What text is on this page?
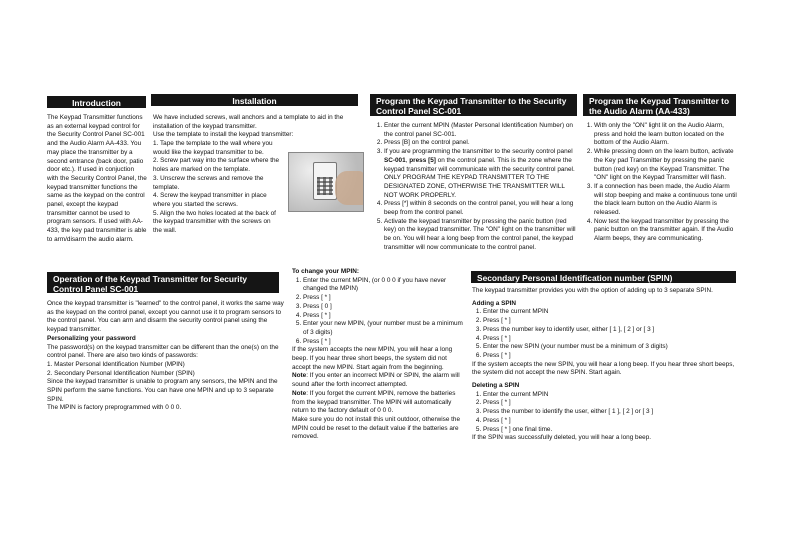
Introduction

The Keypad Transmitter functions as an external keypad control for the Security Control Panel SC-001 and the Audio Alarm AA-433. You may place the transmitter by a second entrance (back door, patio door etc.). If used in conjuction with the Security Control Panel, the keypad transmitter functions the same as the keypad on the control panel, except the keypad transmitter cannot be used to program sensors. If used with AA-433, the key pad transmitter is able to arm/disarm the audio alarm.

Installation

We have included screws, wall anchors and a template to aid in the installation of the keypad transmitter.

Use the template to install the keypad transmitter:

1. Tape the template to the wall where you would like the keypad transmitter to be.

2. Screw part way into the surface where the holes are marked on the template.

3. Unscrew the screws and remove the template.

4. Screw the keypad transmitter in place where you started the screws.

5. Align the two holes located at the back of the keypad transmitter with the screws on the wall.

Program the Keypad Transmitter to the Security Control Panel SC-001
1. Enter the current MPIN (Master Personal Identification Number) on the control panel SC-001.
2. Press [B] on the control panel.
3. If you are programming the transmitter to the security control panel SC-001, press [5] on the control panel. This is the zone where the keypad transmitter will communicate with the security control panel. ONLY PROGRAM THE KEYPAD TRANSMITTER TO THE DESIGNATED ZONE, OTHERWISE THE TRANSMITTER WILL NOT WORK PROPERLY.
4. Press [*] within 8 seconds on the control panel, you will hear a long beep from the control panel.
5. Activate the keypad transmitter by pressing the panic button (red key) on the keypad transmitter. The "ON" light on the transmitter will be on. You will hear a long beep from the control panel, the keypad transmitter will now communicate to the control panel.
Program the Keypad Transmitter to the Audio Alarm (AA-433)
1. With only the "ON" light lit on the Audio Alarm, press and hold the learn button located on the bottom of the Audio Alarm.
2. While pressing down on the learn button, activate the Key pad Transmitter by pressing the panic button (red key) on the Keypad Transmitter. The "ON" light on the Keypad Transmitter will flash.
3. If a connection has been made, the Audio Alarm will stop beeping and make a continuous tone until the black learn button on the Audio Alarm is released.
4. Now test the keypad transmitter by pressing the panic button on the transmitter again. If the Audio Alarm beeps, they are communicating.
Operation of the Keypad Transmitter for Security Control Panel SC-001

Once the keypad transmitter is "learned" to the control panel, it works the same way as the keypad on the control panel, except you cannot use it to program sensors to the control panel. You can arm and disarm the security control panel using the keypad transmitter.

Personalizing your password

The password(s) on the keypad transmitter can be different than the one(s) on the control panel. There are also two kinds of passwords:

1. Master Personal Identification Number (MPIN)

2. Secondary Personal Identification Number (SPIN)

Since the keypad transmitter is unable to program any sensors, the MPIN and the SPIN perform the same functions. You can have one MPIN and up to 3 separate SPIN.

The MPIN is factory preprogrammed with 0 0 0.

To change your MPIN:

1. Enter the current MPIN, (or 0 0 0 if you have never changed the MPIN)
2. Press [ * ]
3. Press [ 0 ]
4. Press [ * ]
5. Enter your new MPIN, (your number must be a minimum of 3 digits)
6. Press [ * ]

If the system accepts the new MPIN, you will hear a long beep. If you hear three short beeps, the system did not accept the new MPIN. Start again from the beginning.

Note: If you enter an incorrect MPIN or SPIN, the alarm will sound after the forth incorrect attempted.

Note: If you forget the current MPIN, remove the batteries from the keypad transmitter. The MPIN will automatically return to the factory default of 0 0 0.

Make sure you do not install this unit outdoor, otherwise the MPIN could be reset to the default value if the batteries are removed.

Secondary Personal Identification number (SPIN)

The keypad transmitter provides you with the option of adding up to 3 separate SPIN.

Adding a SPIN

1. Enter the current MPIN
2. Press [ * ]
3. Press the number key to identify user, either [ 1 ], [ 2 ] or [ 3 ]
4. Press [ * ]
5. Enter the new SPIN (your number must be a minimum of 3 digits)
6. Press [ * ]

If the system accepts the new SPIN, you will hear a long beep. If you hear three short beeps, the system did not accept the new SPIN. Start again.

Deleting a SPIN

1. Enter the current MPIN
2. Press [ * ]
3. Press the number to identify the user, either [ 1 ], [ 2 ] or [ 3 ]
4. Press [ * ]
5. Press [ * ] one final time.

If the SPIN was successfully deleted, you will hear a long beep.
